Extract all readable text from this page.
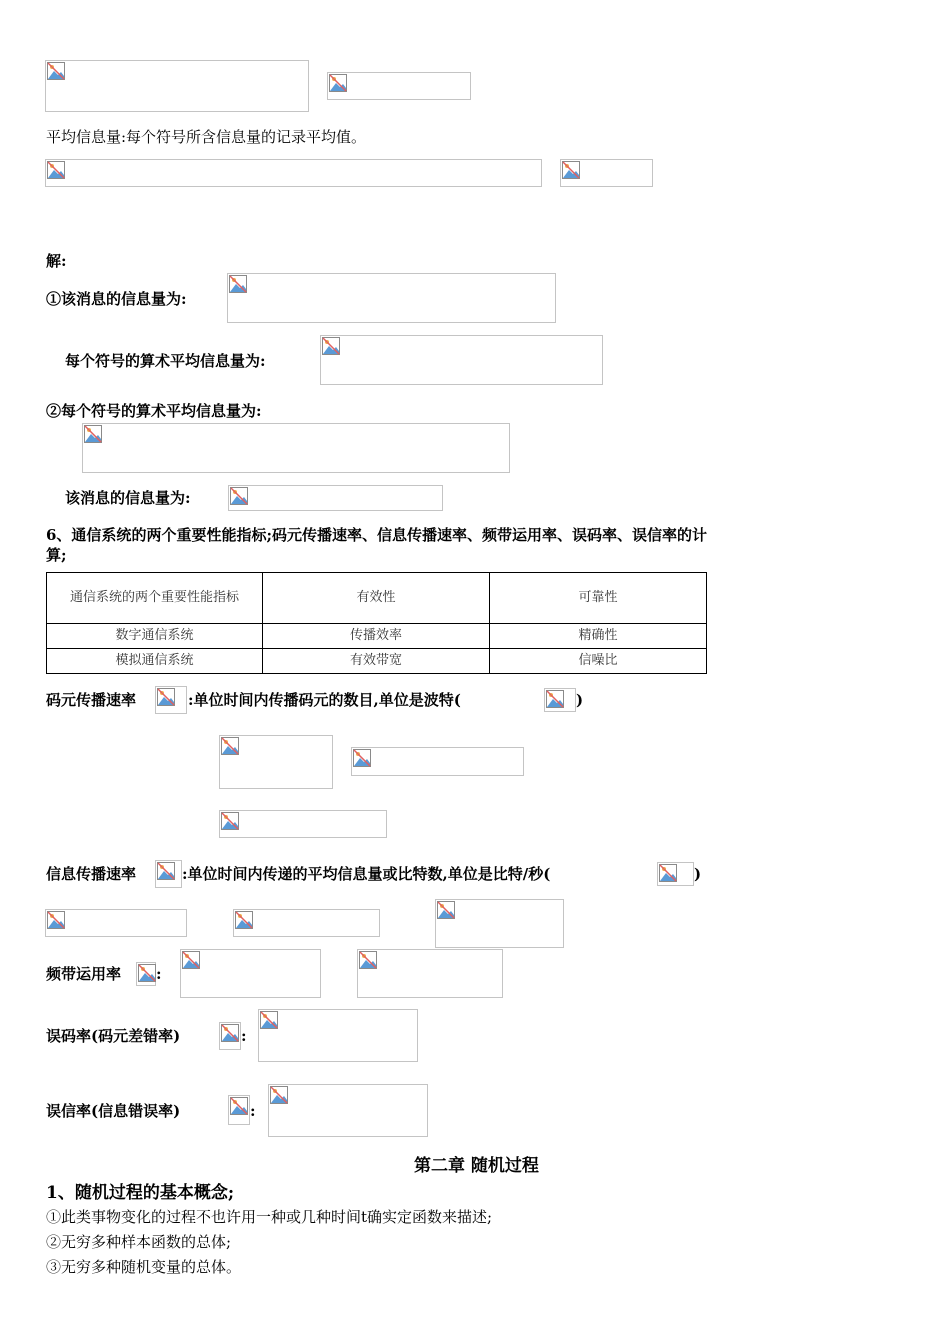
平均信息量:每个符号所含信息量的记录平均值。
解:
①该消息的信息量为:
每个符号的算术平均信息量为:
②每个符号的算术平均信息量为:
该消息的信息量为:
6、通信系统的两个重要性能指标;码元传播速率、信息传播速率、频带运用率、误码率、误信率的计
算;
通信系统的两个重要性能指标	有效性	可靠性
数字通信系统	传播效率	精确性
模拟通信系统	有效带宽	信噪比
码元传播速率	:单位时间内传播码元的数目,单位是波特(	)
信息传播速率	:单位时间内传递的平均信息量或比特数,单位是比特/秒(	)
频带运用率 :
误码率(码元差错率)	:
误信率(信息错误率)	:
第二章 随机过程
1、随机过程的基本概念;
①此类事物变化的过程不也许用一种或几种时间t确实定函数来描述;
②无穷多种样本函数的总体;
③无穷多种随机变量的总体。
